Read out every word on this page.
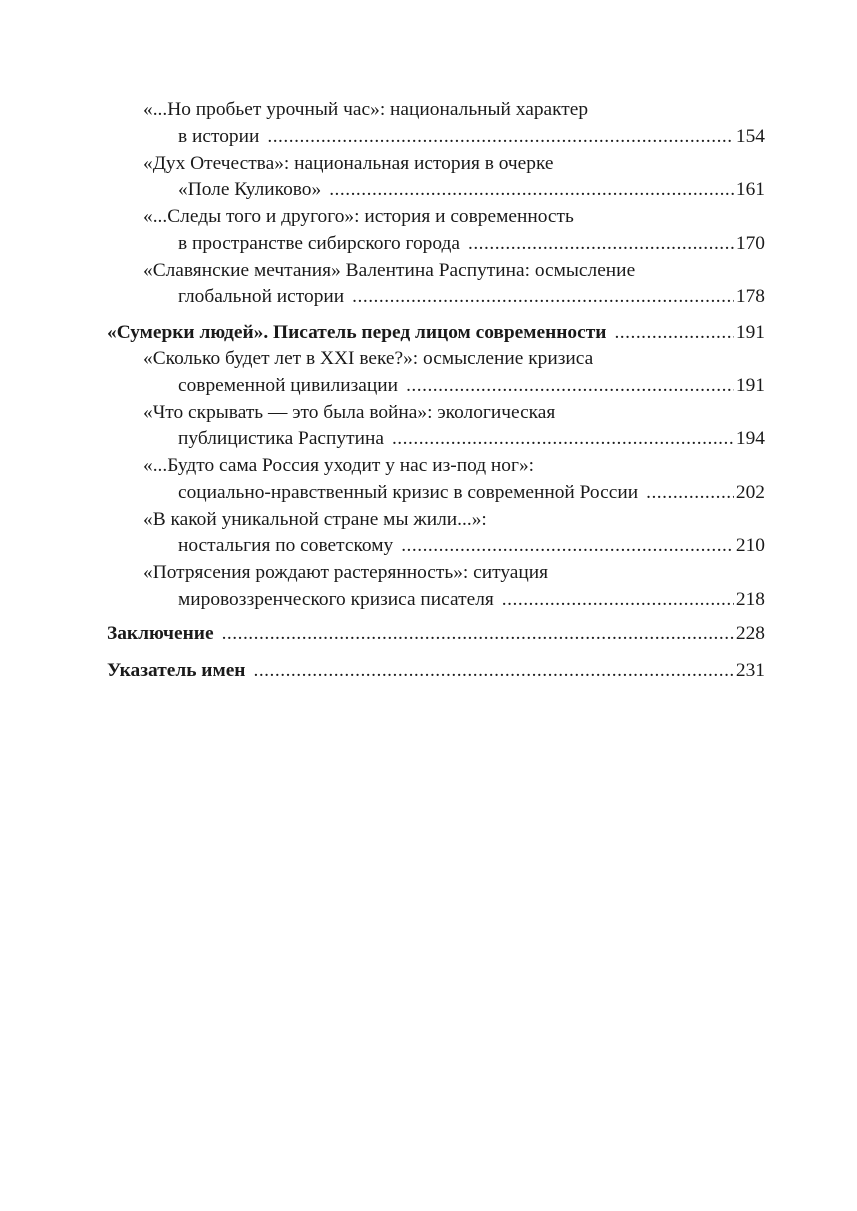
«...Но пробьет урочный час»: национальный характер
в истории .....	154
«Дух Отечества»: национальная история в очерке
«Поле Куликово» .....	161
«...Следы того и другого»: история и современность
в пространстве сибирского города .....	170
«Славянские мечтания» Валентина Распутина: осмысление
глобальной истории .....	178
«Сумерки людей». Писатель перед лицом современности .....	191
«Сколько будет лет в XXI веке?»: осмысление кризиса
современной цивилизации .....	191
«Что скрывать — это была война»: экологическая
публицистика Распутина .....	194
«...Будто сама Россия уходит у нас из-под ног»:
социально-нравственный кризис в современной России .....	202
«В какой уникальной стране мы жили...»:
ностальгия по советскому .....	210
«Потрясения рождают растерянность»: ситуация
мировоззренческого кризиса писателя .....	218
Заключение .....	228
Указатель имен .....	231
